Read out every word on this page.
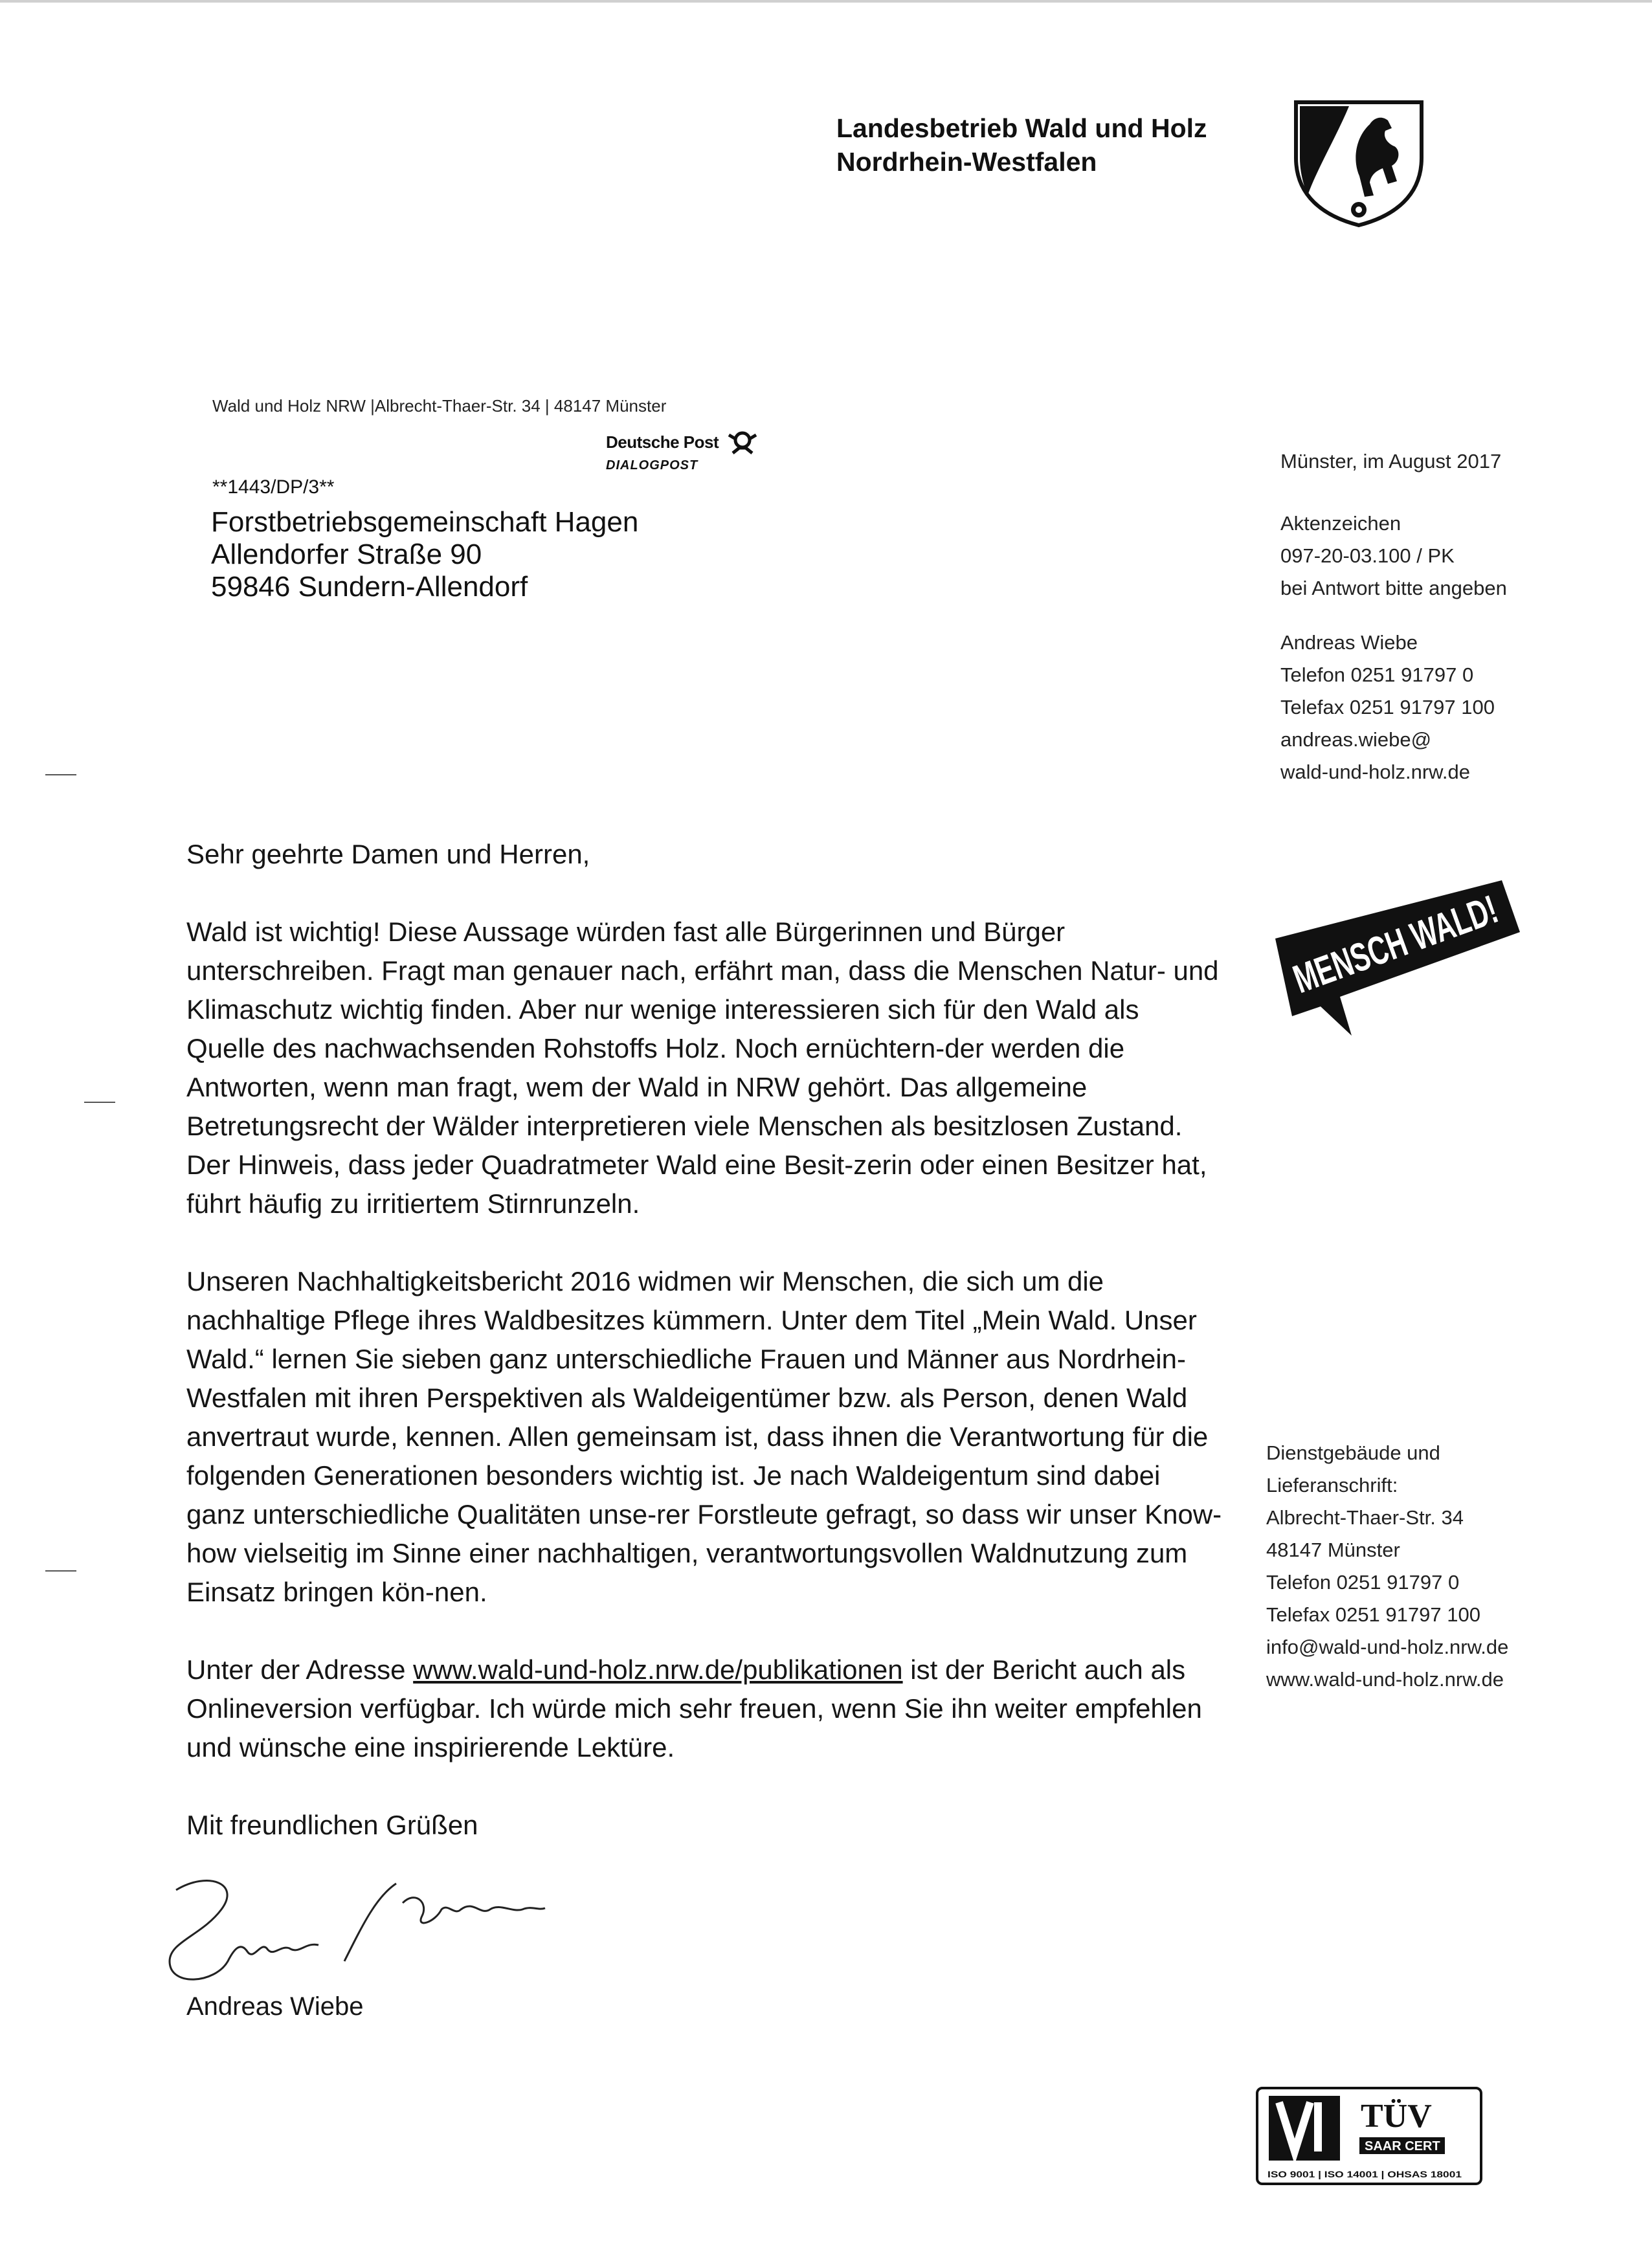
Landesbetrieb Wald und Holz
Nordrhein-Westfalen
Wald und Holz NRW |Albrecht-Thaer-Str. 34 | 48147 Münster
Deutsche Post
DIALOGPOST
**1443/DP/3**
Forstbetriebsgemeinschaft Hagen
Allendorfer Straße 90
59846 Sundern-Allendorf
Münster, im August 2017
Aktenzeichen
097-20-03.100 / PK
bei Antwort bitte angeben
Andreas Wiebe
Telefon 0251 91797 0
Telefax 0251 91797 100
andreas.wiebe@
wald-und-holz.nrw.de
MENSCH WALD!

Sehr geehrte Damen und Herren,

Wald ist wichtig! Diese Aussage würden fast alle Bürgerinnen und Bürger unterschreiben. Fragt man genauer nach, erfährt man, dass die Menschen Natur- und Klimaschutz wichtig finden. Aber nur wenige interessieren sich für den Wald als Quelle des nachwachsenden Rohstoffs Holz. Noch ernüchtern-der werden die Antworten, wenn man fragt, wem der Wald in NRW gehört. Das allgemeine Betretungsrecht der Wälder interpretieren viele Menschen als besitzlosen Zustand. Der Hinweis, dass jeder Quadratmeter Wald eine Besit-zerin oder einen Besitzer hat, führt häufig zu irritiertem Stirnrunzeln.

Unseren Nachhaltigkeitsbericht 2016 widmen wir Menschen, die sich um die nachhaltige Pflege ihres Waldbesitzes kümmern. Unter dem Titel „Mein Wald. Unser Wald.“ lernen Sie sieben ganz unterschiedliche Frauen und Männer aus Nordrhein-Westfalen mit ihren Perspektiven als Waldeigentümer bzw. als Person, denen Wald anvertraut wurde, kennen. Allen gemeinsam ist, dass ihnen die Verantwortung für die folgenden Generationen besonders wichtig ist. Je nach Waldeigentum sind dabei ganz unterschiedliche Qualitäten unse-rer Forstleute gefragt, so dass wir unser Know-how vielseitig im Sinne einer nachhaltigen, verantwortungsvollen Waldnutzung zum Einsatz bringen kön-nen.

Unter der Adresse www.wald-und-holz.nrw.de/publikationen ist der Bericht auch als Onlineversion verfügbar. Ich würde mich sehr freuen, wenn Sie ihn weiter empfehlen und wünsche eine inspirierende Lektüre.

Mit freundlichen Grüßen
Andreas Wiebe
Dienstgebäude und
Lieferanschrift:
Albrecht-Thaer-Str. 34
48147 Münster
Telefon 0251 91797 0
Telefax 0251 91797 100
info@wald-und-holz.nrw.de
www.wald-und-holz.nrw.de
TÜV
SAAR CERT
ISO 9001 | ISO 14001 | OHSAS 18001
